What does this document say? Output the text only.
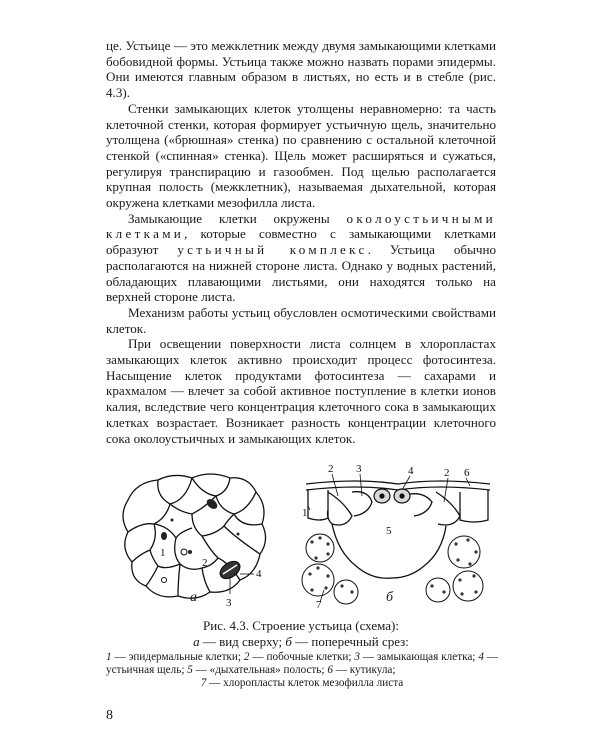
це. Устьице — это межклетник между двумя замыкающими клетками бобовидной формы. Устьица также можно назвать порами эпидермы. Они имеются главным образом в листьях, но есть и в стебле (рис. 4.3).

Стенки замыкающих клеток утолщены неравномерно: та часть клеточной стенки, которая формирует устьичную щель, значительно утолщена («брюшная» стенка) по сравнению с остальной клеточной стенкой («спинная» стенка). Щель может расширяться и сужаться, регулируя транспирацию и газообмен. Под щелью располагается крупная полость (межклетник), называемая дыхательной, которая окружена клетками мезофилла листа.

Замыкающие клетки окружены околоустьичными клетками, которые совместно с замыкающими клетками образуют устьичный комплекс. Устьица обычно располагаются на нижней стороне листа. Однако у водных растений, обладающих плавающими листьями, они находятся только на верхней стороне листа.

Механизм работы устьиц обусловлен осмотическими свойствами клеток.

При освещении поверхности листа солнцем в хлоропластах замыкающих клеток активно происходит процесс фотосинтеза. Насыщение клеток продуктами фотосинтеза — сахарами и крахмалом — влечет за собой активное поступление в клетки ионов калия, вследствие чего концентрация клеточного сока в замыкающих клетках возрастает. Возникает разность концентрации клеточного сока околоустьичных и замыкающих клеток.

1
2
3
4
а
2 3	4	2 6
1
5
7	б
Рис. 4.3. Строение устьица (схема):
а — вид сверху; б — поперечный срез:
1 — эпидермальные клетки; 2 — побочные клетки; 3 — замыкающая клетка; 4 — устьичная щель; 5 — «дыхательная» полость; 6 — кутикула;
7 — хлоропласты клеток мезофилла листа
8
